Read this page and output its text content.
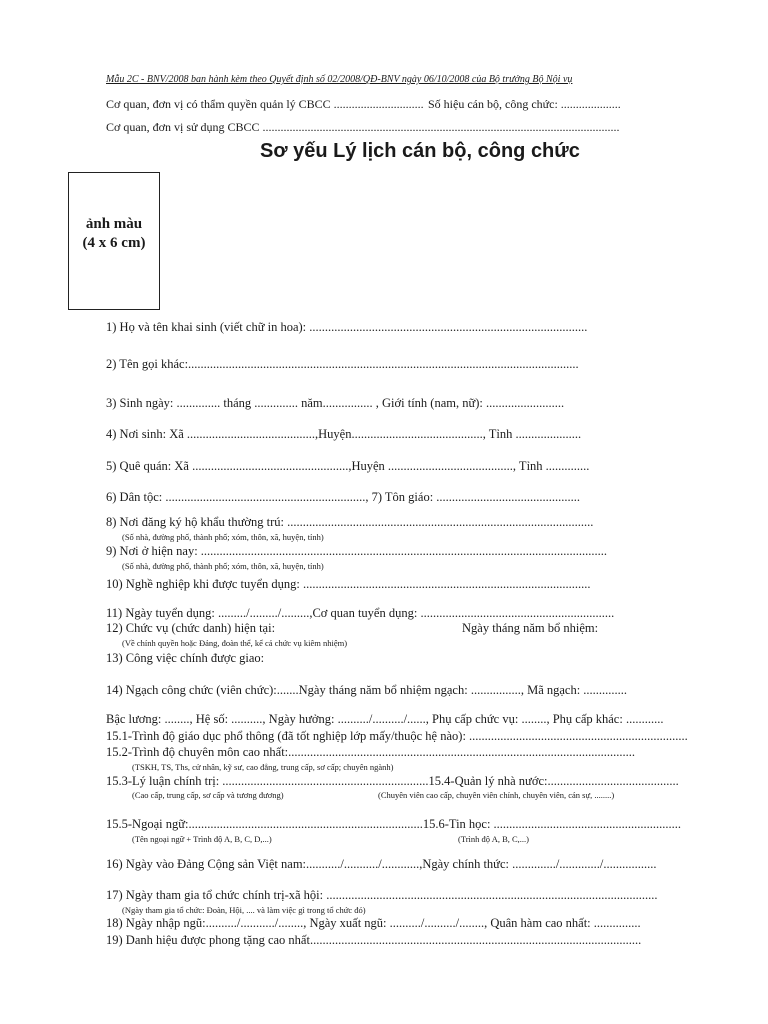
Mẫu 2C - BNV/2008 ban hành kèm theo Quyết định số 02/2008/QĐ-BNV ngày 06/10/2008 của Bộ trưởng Bộ Nội vụ
Cơ quan, đơn vị có thẩm quyền quản lý CBCC .............................. Số hiệu cán bộ, công chức: ....................
Cơ quan, đơn vị sử dụng CBCC .......................................................................................................................
Sơ yếu Lý lịch cán bộ, công chức
ảnh màu
(4 x 6 cm)
1) Họ và tên khai sinh (viết chữ in hoa): .........................................................................................
2) Tên gọi khác:.............................................................................................................................
3) Sinh ngày: .............. tháng .............. năm................ , Giới tính (nam, nữ): .........................
4) Nơi sinh: Xã .........................................,Huyện.........................................., Tỉnh .....................
5) Quê quán: Xã ..................................................,Huyện ........................................, Tỉnh ..............
6) Dân tộc: ................................................................, 7) Tôn giáo: ..............................................
8) Nơi đăng ký hộ khẩu thường trú: ..................................................................................................
(Số nhà, đường phố, thành phố; xóm, thôn, xã, huyện, tỉnh)
9) Nơi ở hiện nay: ..................................................................................................................................
(Số nhà, đường phố, thành phố; xóm, thôn, xã, huyện, tỉnh)
10) Nghề nghiệp khi được tuyển dụng: ............................................................................................
11) Ngày tuyển dụng: ........./........./.........,Cơ quan tuyển dụng: ..............................................................
12) Chức vụ (chức danh) hiện tại:	Ngày tháng năm bổ nhiệm:
(Về chính quyền hoặc Đảng, đoàn thể, kể cả chức vụ kiêm nhiệm)
13) Công việc chính được giao:
14) Ngạch công chức (viên chức):.......Ngày tháng năm bổ nhiệm ngạch: ................, Mã ngạch: ..............
Bậc lương: ........, Hệ số: .........., Ngày hưởng: ........../........../......, Phụ cấp chức vụ: ........, Phụ cấp khác: ............
15.1-Trình độ giáo dục phổ thông (đã tốt nghiệp lớp mấy/thuộc hệ nào): ......................................................................
15.2-Trình độ chuyên môn cao nhất:...............................................................................................................
(TSKH, TS, Ths, cử nhân, kỹ sư, cao đẳng, trung cấp, sơ cấp; chuyên ngành)
15.3-Lý luận chính trị: ..................................................................15.4-Quản lý nhà nước:..........................................
(Cao cấp, trung cấp, sơ cấp và tương đương)	(Chuyên viên cao cấp, chuyên viên chính, chuyên viên, cán sự, ........)
15.5-Ngoại ngữ:...........................................................................15.6-Tin học: ............................................................
(Tên ngoại ngữ + Trình độ A, B, C, D,...)	(Trình độ A, B, C,...)
16) Ngày vào Đảng Cộng sản Việt nam:.........../.........../............,Ngày chính thức: ............../............./.................
17) Ngày tham gia tổ chức chính trị-xã hội: ..........................................................................................................
(Ngày tham gia tổ chức: Đoàn, Hội, .... và làm việc gì trong tổ chức đó)
18) Ngày nhập ngũ:........../.........../........, Ngày xuất ngũ: ........../........../........, Quân hàm cao nhất: ...............
19) Danh hiệu được phong tặng cao nhất..........................................................................................................
